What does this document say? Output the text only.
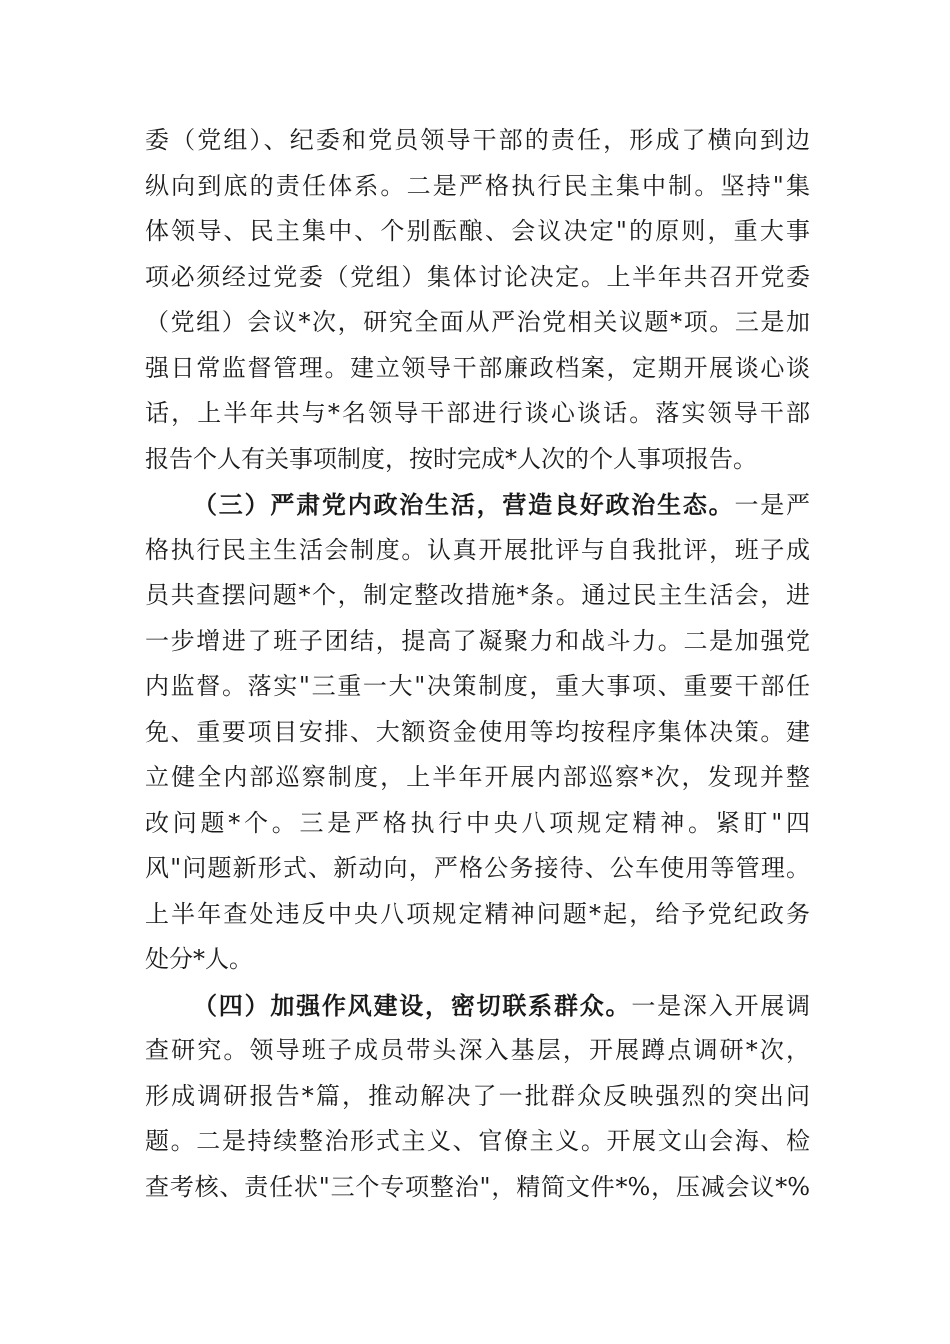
委（党组）、纪委和党员领导干部的责任，形成了横向到边
纵向到底的责任体系。二是严格执行民主集中制。坚持"集
体领导、民主集中、个别酝酿、会议决定"的原则，重大事
项必须经过党委（党组）集体讨论决定。上半年共召开党委
（党组）会议*次，研究全面从严治党相关议题*项。三是加
强日常监督管理。建立领导干部廉政档案，定期开展谈心谈
话，上半年共与*名领导干部进行谈心谈话。落实领导干部
报告个人有关事项制度，按时完成*人次的个人事项报告。
（三）严肃党内政治生活，营造良好政治生态。一是严
格执行民主生活会制度。认真开展批评与自我批评，班子成
员共查摆问题*个，制定整改措施*条。通过民主生活会，进
一步增进了班子团结，提高了凝聚力和战斗力。二是加强党
内监督。落实"三重一大"决策制度，重大事项、重要干部任
免、重要项目安排、大额资金使用等均按程序集体决策。建
立健全内部巡察制度，上半年开展内部巡察*次，发现并整
改问题*个。三是严格执行中央八项规定精神。紧盯"四
风"问题新形式、新动向，严格公务接待、公车使用等管理。
上半年查处违反中央八项规定精神问题*起，给予党纪政务
处分*人。
（四）加强作风建设，密切联系群众。一是深入开展调
查研究。领导班子成员带头深入基层，开展蹲点调研*次，
形成调研报告*篇，推动解决了一批群众反映强烈的突出问
题。二是持续整治形式主义、官僚主义。开展文山会海、检
查考核、责任状"三个专项整治"，精简文件*%，压减会议*%
